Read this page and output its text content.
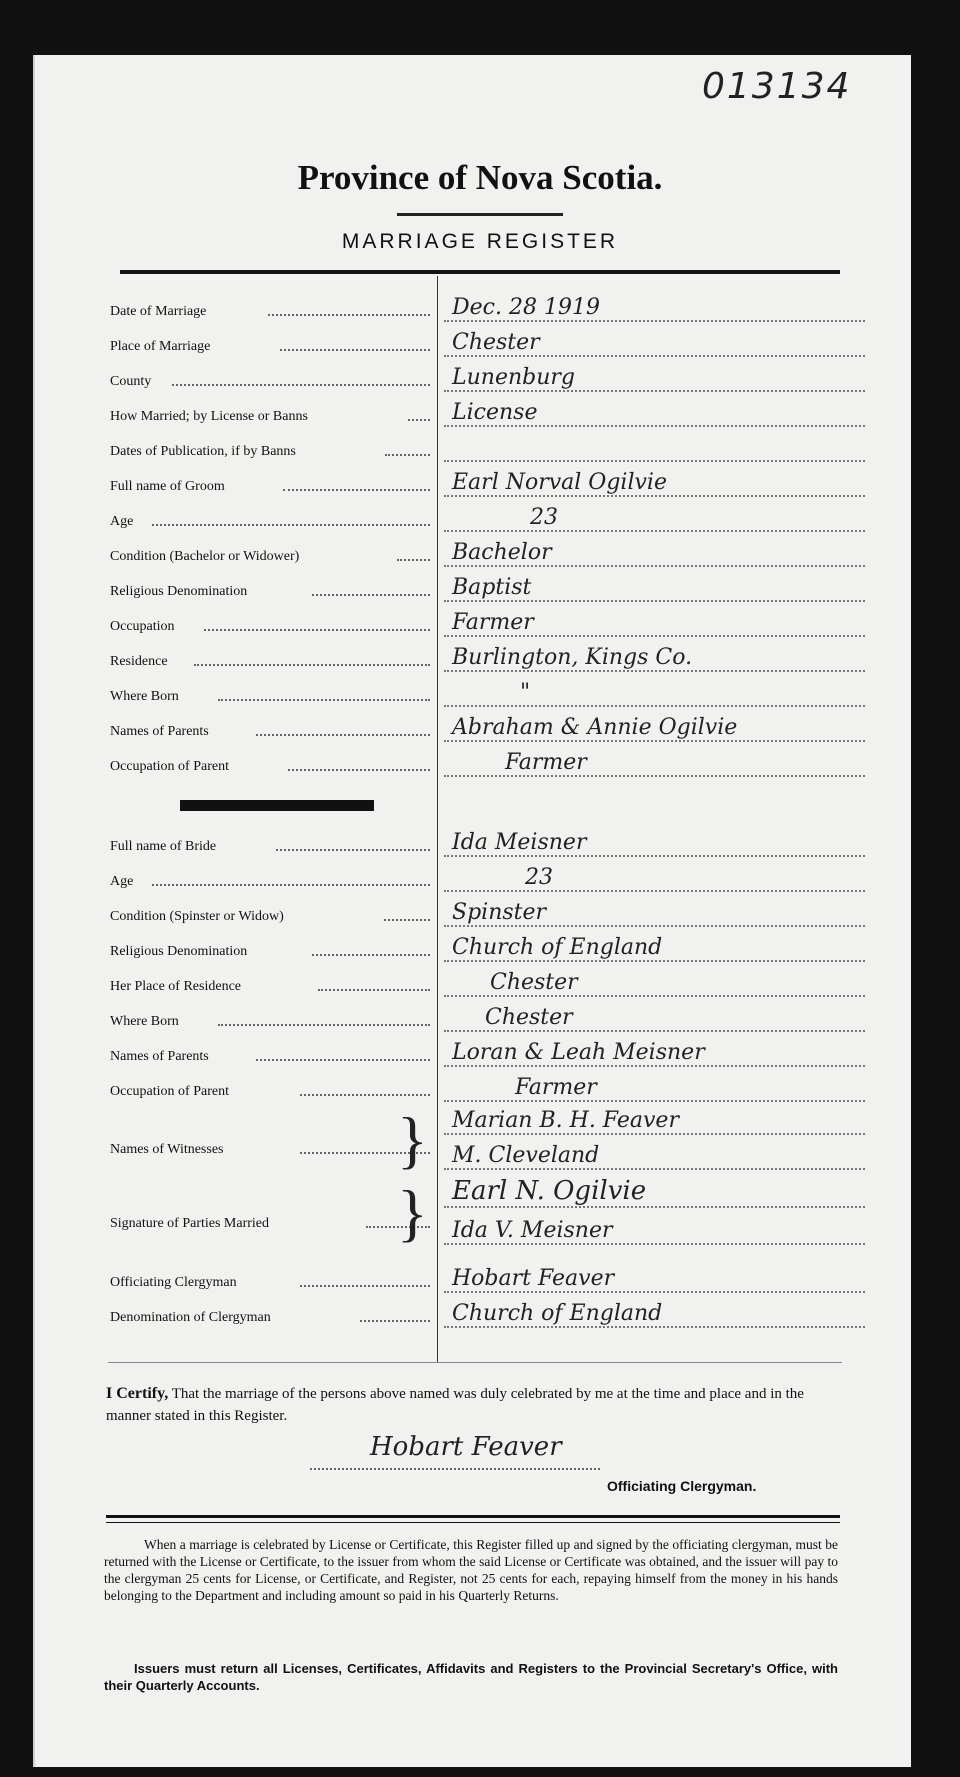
013134
Province of Nova Scotia.
MARRIAGE REGISTER
Date of Marriage	Dec. 28 1919
Place of Marriage	Chester
County	Lunenburg
How Married; by License or Banns	License
Dates of Publication, if by Banns
Full name of Groom	Earl Norval Ogilvie
Age	23
Condition (Bachelor or Widower)	Bachelor
Religious Denomination	Baptist
Occupation	Farmer
Residence	Burlington, Kings Co.
Where Born	"
Names of Parents	Abraham & Annie Ogilvie
Occupation of Parent	Farmer
Full name of Bride	Ida Meisner
Age	23
Condition (Spinster or Widow)	Spinster
Religious Denomination	Church of England
Her Place of Residence	Chester
Where Born	Chester
Names of Parents	Loran & Leah Meisner
Occupation of Parent	Farmer
Names of Witnesses	} Marian B. H. Feaver
M. Cleveland
Signature of Parties Married } Earl N. Ogilvie
Ida V. Meisner
Officiating Clergyman	Hobart Feaver
Denomination of Clergyman	Church of England
I Certify, That the marriage of the persons above named was duly celebrated by me at the time and place and in the manner stated in this Register.
Hobart Feaver
Officiating Clergyman.
When a marriage is celebrated by License or Certificate, this Register filled up and signed by the officiating clergyman, must be returned with the License or Certificate, to the issuer from whom the said License or Certificate was obtained, and the issuer will pay to the clergyman 25 cents for License, or Certificate, and Register, not 25 cents for each, repaying himself from the money in his hands belonging to the Department and including amount so paid in his Quarterly Returns.
Issuers must return all Licenses, Certificates, Affidavits and Registers to the Provincial Secretary's Office, with their Quarterly Accounts.
